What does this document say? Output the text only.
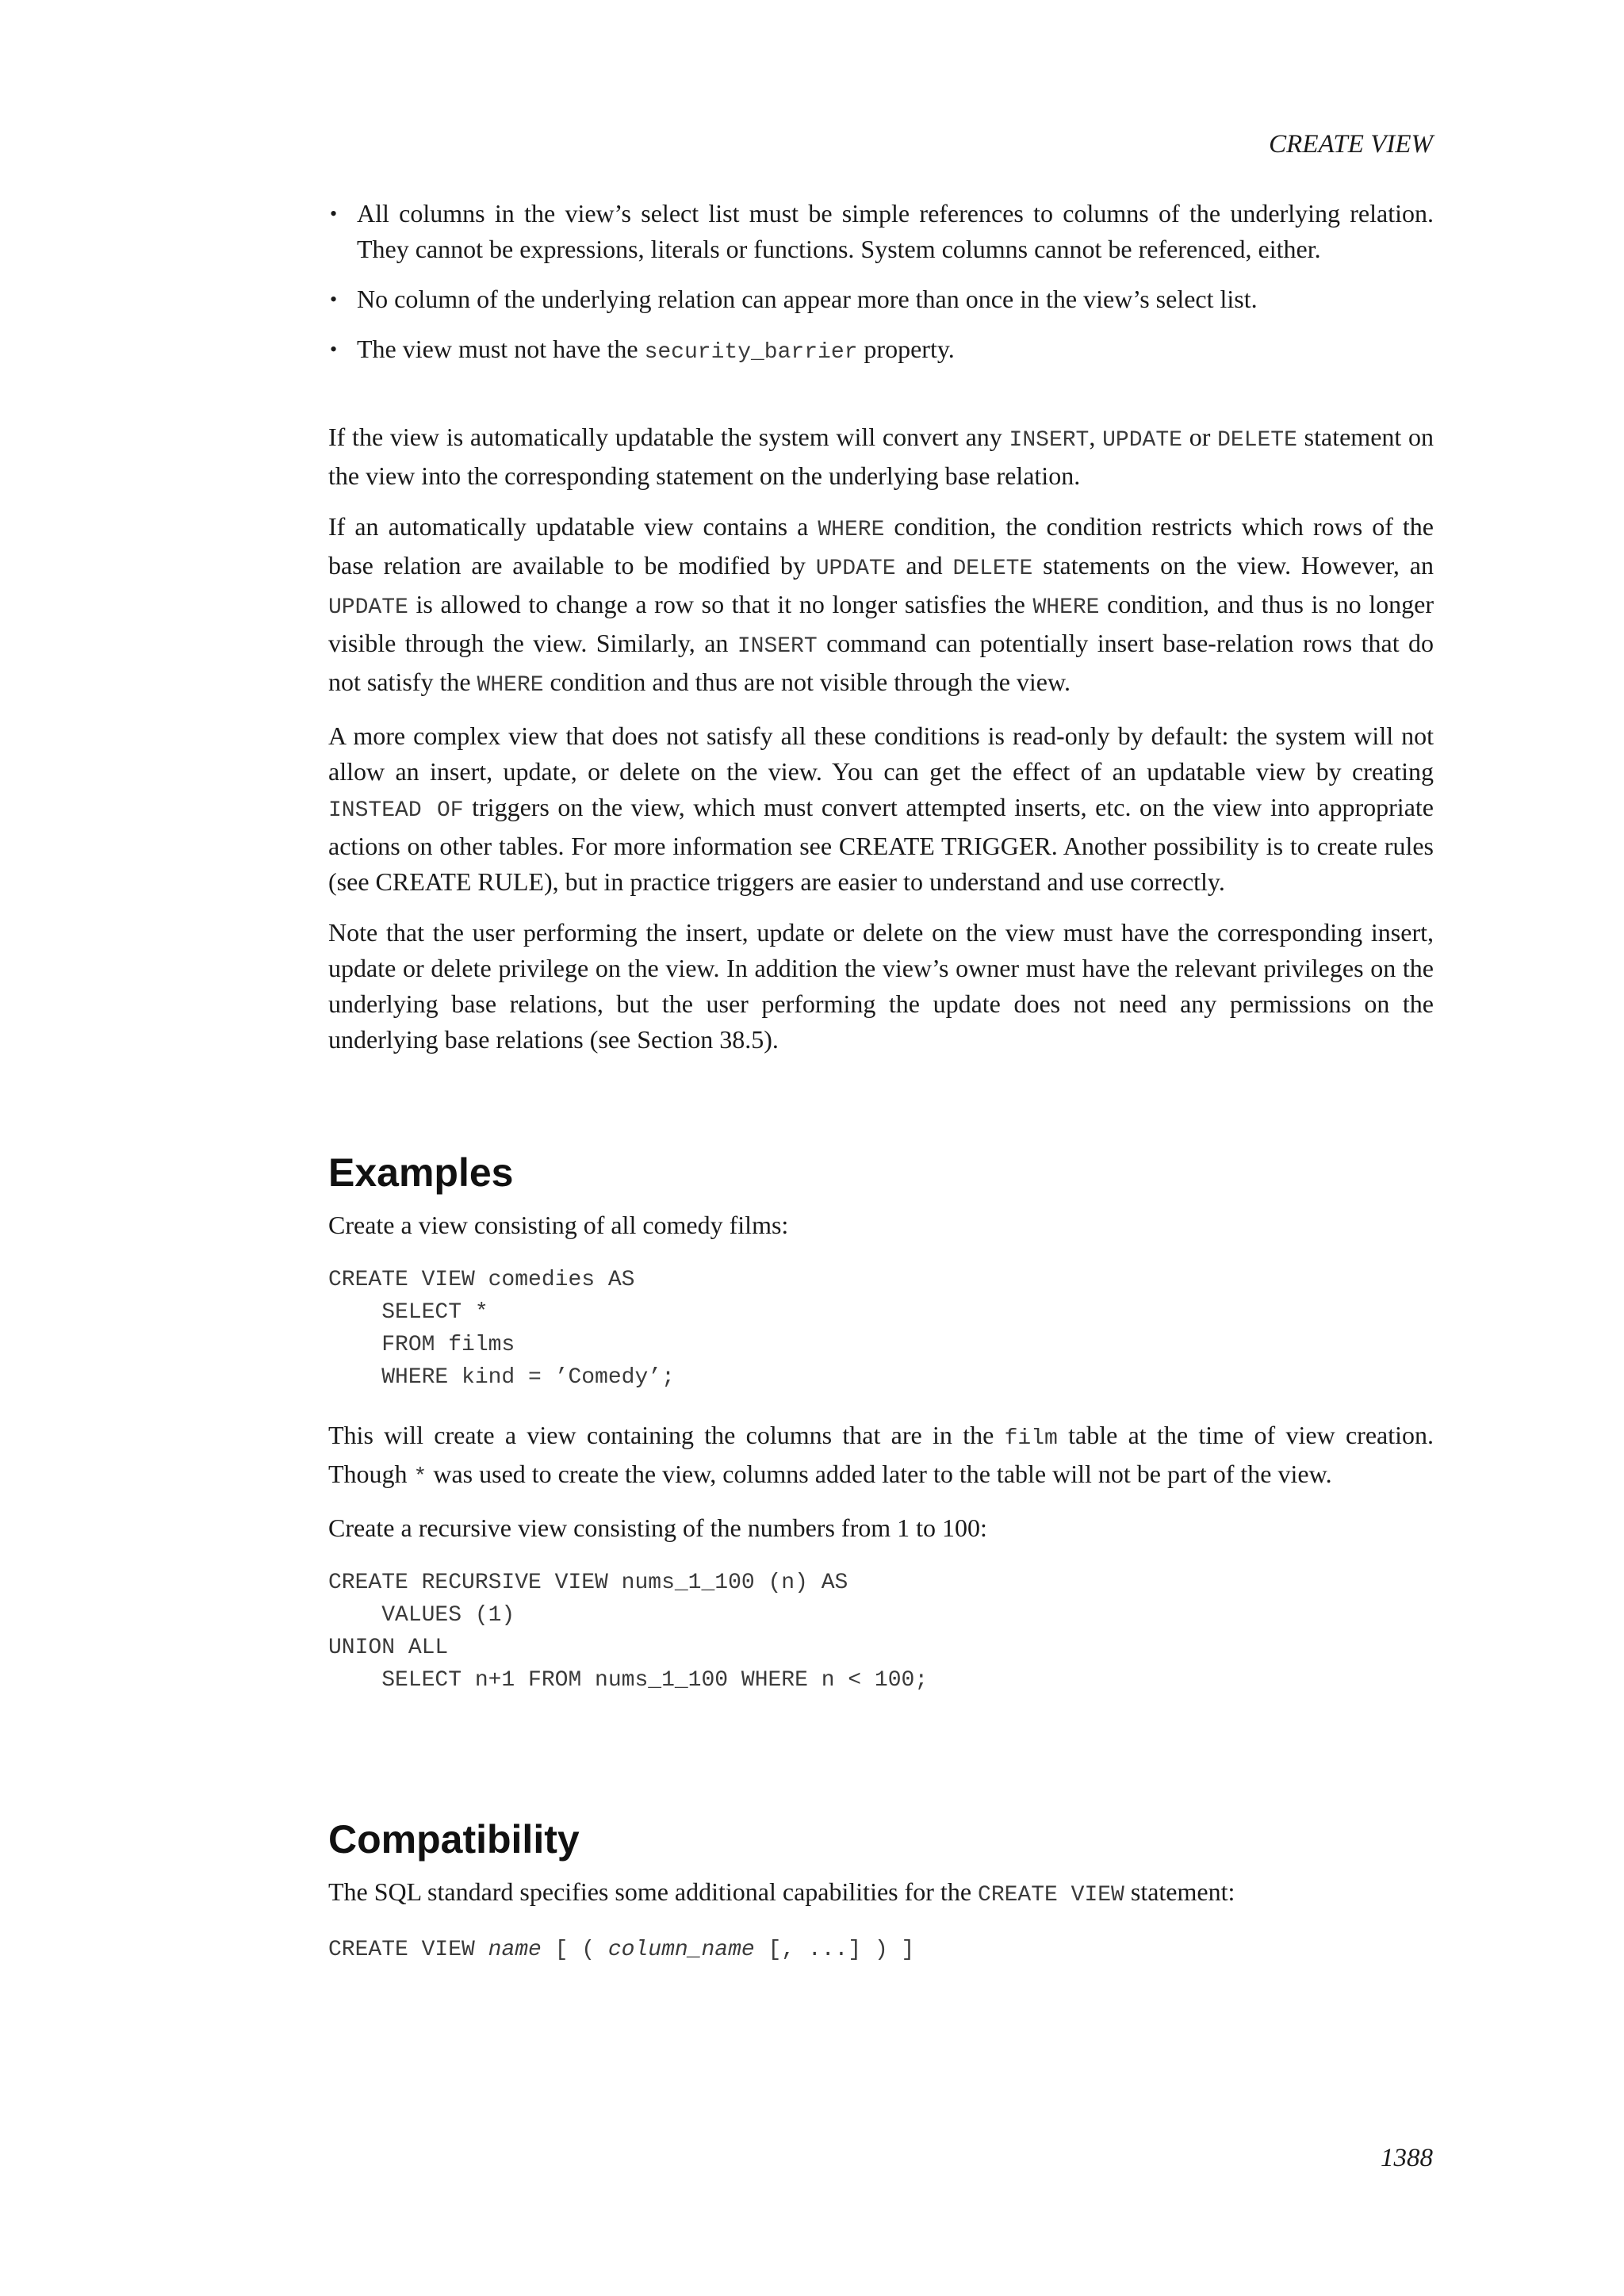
CREATE VIEW
• All columns in the view’s select list must be simple references to columns of the underlying relation. They cannot be expressions, literals or functions. System columns cannot be referenced, either.
• No column of the underlying relation can appear more than once in the view’s select list.
• The view must not have the security_barrier property.

If the view is automatically updatable the system will convert any INSERT, UPDATE or DELETE statement on the view into the corresponding statement on the underlying base relation.

If an automatically updatable view contains a WHERE condition, the condition restricts which rows of the base relation are available to be modified by UPDATE and DELETE statements on the view. However, an UPDATE is allowed to change a row so that it no longer satisfies the WHERE condition, and thus is no longer visible through the view. Similarly, an INSERT command can potentially insert base-relation rows that do not satisfy the WHERE condition and thus are not visible through the view.

A more complex view that does not satisfy all these conditions is read-only by default: the system will not allow an insert, update, or delete on the view. You can get the effect of an updatable view by creating INSTEAD OF triggers on the view, which must convert attempted inserts, etc. on the view into appropriate actions on other tables. For more information see CREATE TRIGGER. Another possibility is to create rules (see CREATE RULE), but in practice triggers are easier to understand and use correctly.

Note that the user performing the insert, update or delete on the view must have the corresponding insert, update or delete privilege on the view. In addition the view’s owner must have the relevant privileges on the underlying base relations, but the user performing the update does not need any permissions on the underlying base relations (see Section 38.5).

Examples

Create a view consisting of all comedy films:

CREATE VIEW comedies AS
SELECT *
FROM films
WHERE kind = ’Comedy’;

This will create a view containing the columns that are in the film table at the time of view creation. Though * was used to create the view, columns added later to the table will not be part of the view.

Create a recursive view consisting of the numbers from 1 to 100:

CREATE RECURSIVE VIEW nums_1_100 (n) AS
VALUES (1)
UNION ALL
SELECT n+1 FROM nums_1_100 WHERE n < 100;
Compatibility

The SQL standard specifies some additional capabilities for the CREATE VIEW statement:

CREATE VIEW name [ ( column_name [, ...] ) ]
1388
